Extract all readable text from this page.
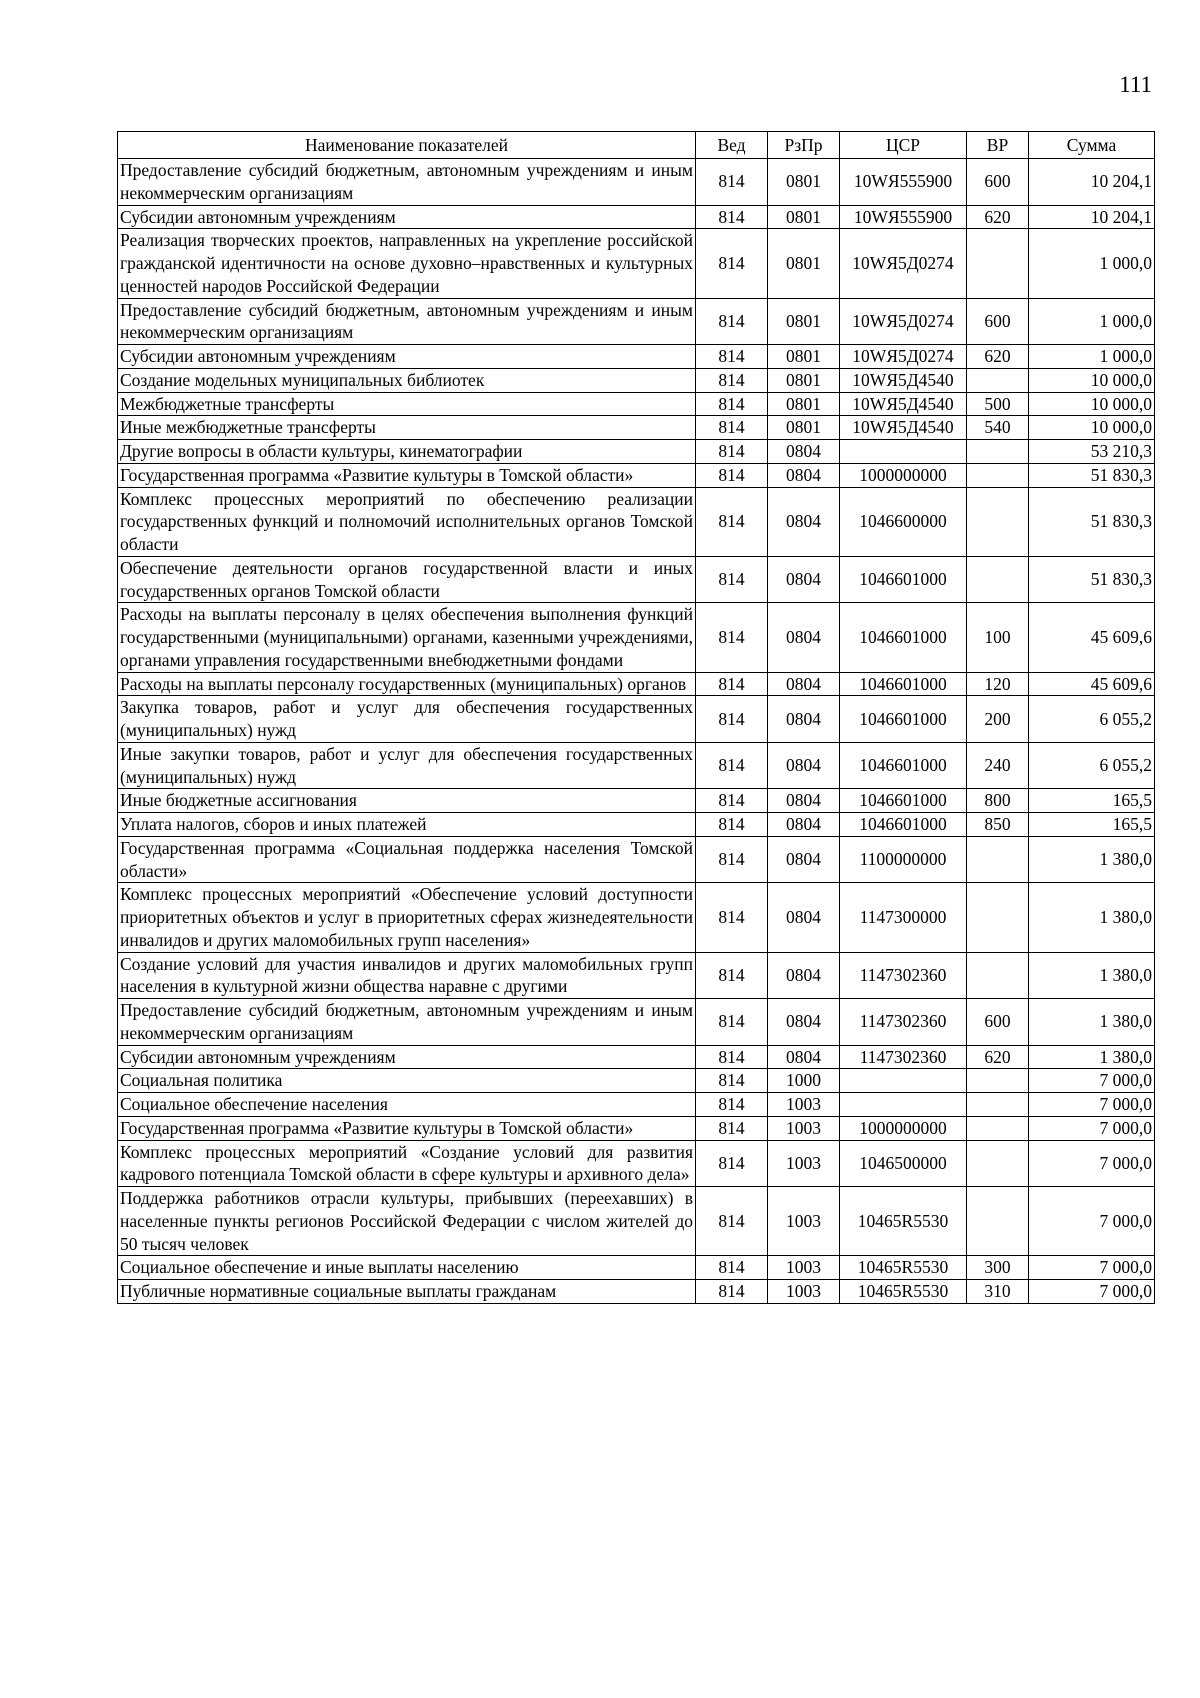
111
Наименование показателей	Вед	РзПр	ЦСР	ВР	Сумма
Предоставление субсидий бюджетным, автономным учреждениям и иным некоммерческим организациям	814	0801	10WЯ555900	600	10 204,1
Субсидии автономным учреждениям	814	0801	10WЯ555900	620	10 204,1
Реализация творческих проектов, направленных на укрепление российской гражданской идентичности на основе духовно–нравственных и культурных ценностей народов Российской Федерации	814	0801	10WЯ5Д0274		1 000,0
Предоставление субсидий бюджетным, автономным учреждениям и иным некоммерческим организациям	814	0801	10WЯ5Д0274	600	1 000,0
Субсидии автономным учреждениям	814	0801	10WЯ5Д0274	620	1 000,0
Создание модельных муниципальных библиотек	814	0801	10WЯ5Д4540		10 000,0
Межбюджетные трансферты	814	0801	10WЯ5Д4540	500	10 000,0
Иные межбюджетные трансферты	814	0801	10WЯ5Д4540	540	10 000,0
Другие вопросы в области культуры, кинематографии	814	0804			53 210,3
Государственная программа «Развитие культуры в Томской области»	814	0804	1000000000		51 830,3
Комплекс процессных мероприятий по обеспечению реализации государственных функций и полномочий исполнительных органов Томской области	814	0804	1046600000		51 830,3
Обеспечение деятельности органов государственной власти и иных государственных органов Томской области	814	0804	1046601000		51 830,3
Расходы на выплаты персоналу в целях обеспечения выполнения функций государственными (муниципальными) органами, казенными учреждениями, органами управления государственными внебюджетными фондами	814	0804	1046601000	100	45 609,6
Расходы на выплаты персоналу государственных (муниципальных) органов	814	0804	1046601000	120	45 609,6
Закупка товаров, работ и услуг для обеспечения государственных (муниципальных) нужд	814	0804	1046601000	200	6 055,2
Иные закупки товаров, работ и услуг для обеспечения государственных (муниципальных) нужд	814	0804	1046601000	240	6 055,2
Иные бюджетные ассигнования	814	0804	1046601000	800	165,5
Уплата налогов, сборов и иных платежей	814	0804	1046601000	850	165,5
Государственная программа «Социальная поддержка населения Томской области»	814	0804	1100000000		1 380,0
Комплекс процессных мероприятий «Обеспечение условий доступности приоритетных объектов и услуг в приоритетных сферах жизнедеятельности инвалидов и других маломобильных групп населения»	814	0804	1147300000		1 380,0
Создание условий для участия инвалидов и других маломобильных групп населения в культурной жизни общества наравне с другими	814	0804	1147302360		1 380,0
Предоставление субсидий бюджетным, автономным учреждениям и иным некоммерческим организациям	814	0804	1147302360	600	1 380,0
Субсидии автономным учреждениям	814	0804	1147302360	620	1 380,0
Социальная политика	814	1000			7 000,0
Социальное обеспечение населения	814	1003			7 000,0
Государственная программа «Развитие культуры в Томской области»	814	1003	1000000000		7 000,0
Комплекс процессных мероприятий «Создание условий для развития кадрового потенциала Томской области в сфере культуры и архивного дела»	814	1003	1046500000		7 000,0
Поддержка работников отрасли культуры, прибывших (переехавших) в населенные пункты регионов Российской Федерации с числом жителей до 50 тысяч человек	814	1003	10465R5530		7 000,0
Социальное обеспечение и иные выплаты населению	814	1003	10465R5530	300	7 000,0
Публичные нормативные социальные выплаты гражданам	814	1003	10465R5530	310	7 000,0
